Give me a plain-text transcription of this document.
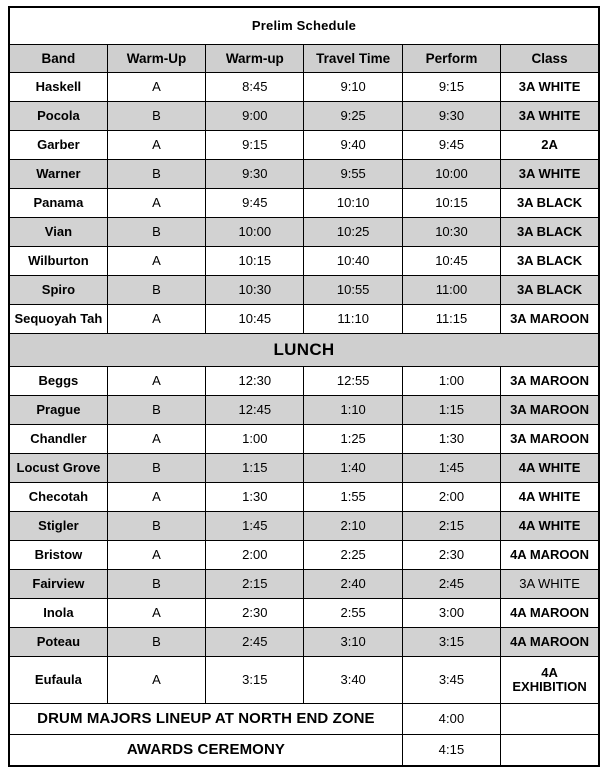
Prelim Schedule					
Band	Warm-Up	Warm-up	Travel Time	Perform	Class
Haskell	A	8:45	9:10	9:15	3A WHITE
Pocola	B	9:00	9:25	9:30	3A WHITE
Garber	A	9:15	9:40	9:45	2A
Warner	B	9:30	9:55	10:00	3A WHITE
Panama	A	9:45	10:10	10:15	3A BLACK
Vian	B	10:00	10:25	10:30	3A BLACK
Wilburton	A	10:15	10:40	10:45	3A BLACK
Spiro	B	10:30	10:55	11:00	3A BLACK
Sequoyah Tah	A	10:45	11:10	11:15	3A MAROON
LUNCH					
Beggs	A	12:30	12:55	1:00	3A MAROON
Prague	B	12:45	1:10	1:15	3A MAROON
Chandler	A	1:00	1:25	1:30	3A MAROON
Locust Grove	B	1:15	1:40	1:45	4A WHITE
Checotah	A	1:30	1:55	2:00	4A WHITE
Stigler	B	1:45	2:10	2:15	4A WHITE
Bristow	A	2:00	2:25	2:30	4A MAROON
Fairview	B	2:15	2:40	2:45	3A WHITE
Inola	A	2:30	2:55	3:00	4A MAROON
Poteau	B	2:45	3:10	3:15	4A MAROON
Eufaula	A	3:15	3:40	3:45	4A EXHIBITION
DRUM MAJORS LINEUP AT NORTH END ZONE				4:00	
AWARDS CEREMONY				4:15	
